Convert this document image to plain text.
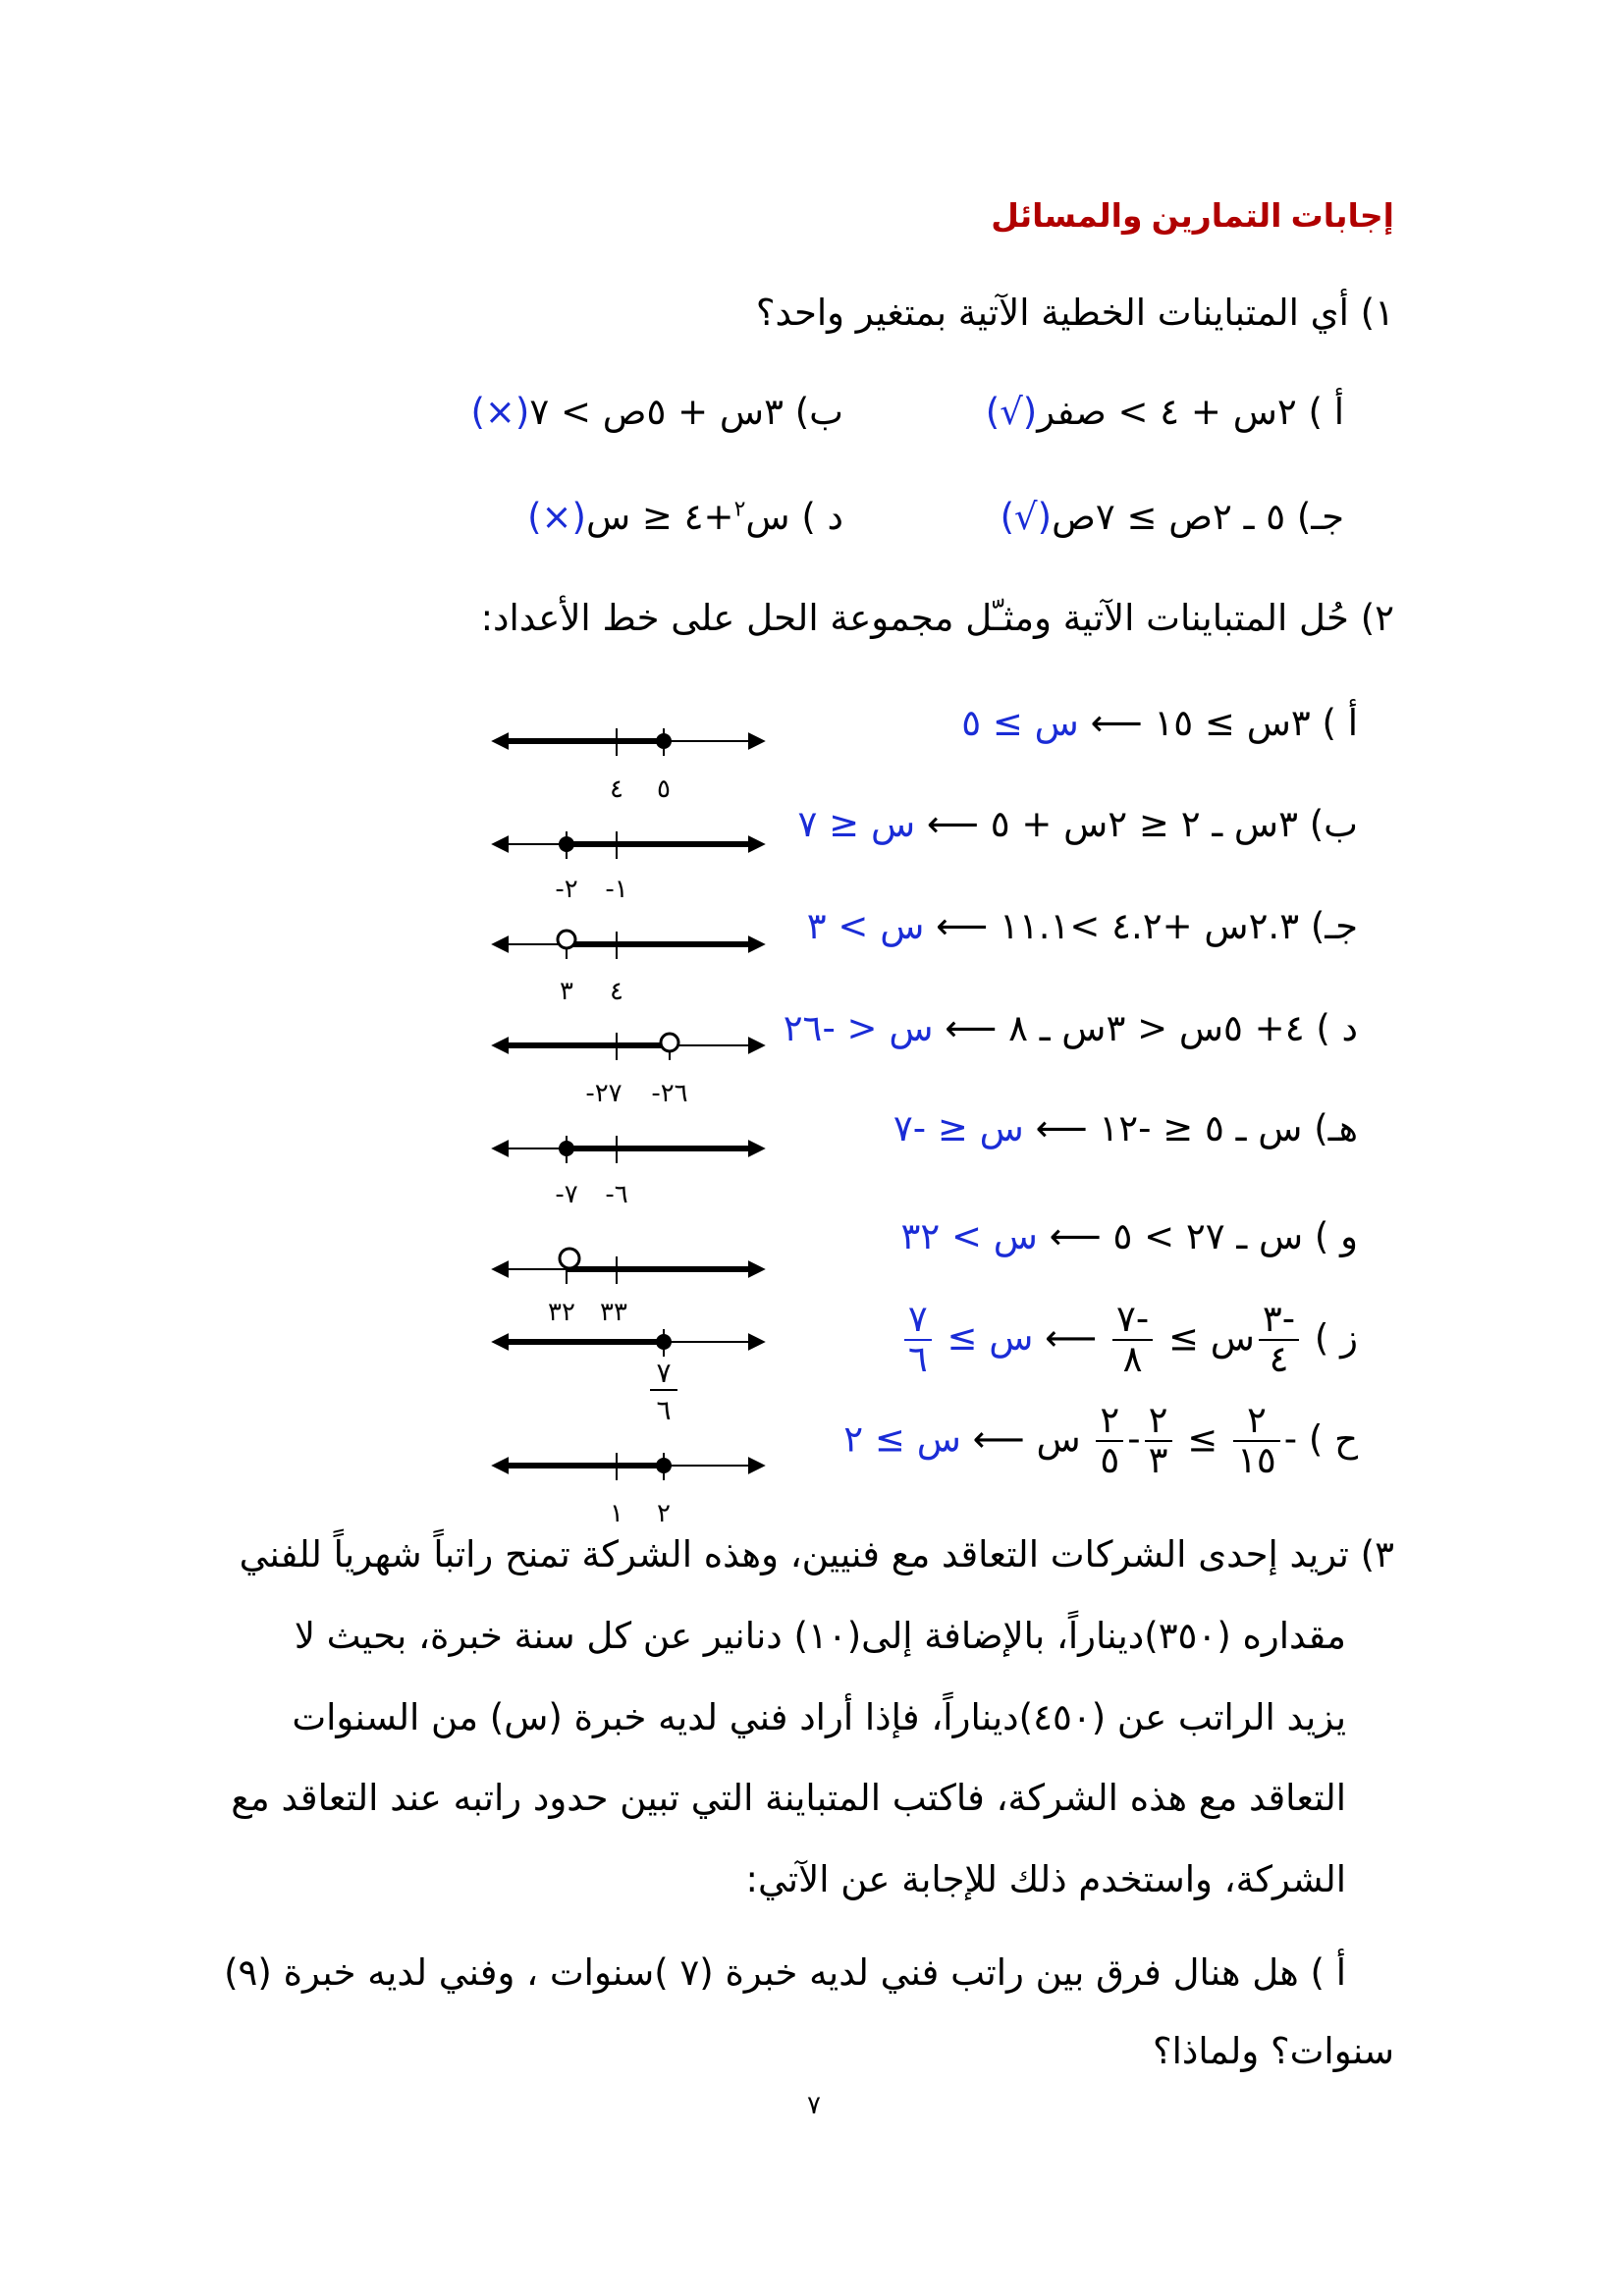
إجابات التمارين والمسائل
١) أي المتباينات الخطية الآتية بمتغير واحد؟
أ ) ٢س + ٤ > صفر(√)
ب) ٣س + ٥ص > ٧(×)
جـ) ٥ ـ ٢ص ≥ ٧ص(√)
د ) س$^٢$+٤ ≤ س(×)
٢) حُل المتباينات الآتية ومثـّل مجموعة الحل على خط الأعداد:
أ ) ٣س ≥ ١٥ ⟵ س ≥ ٥
ب) ٣س ـ ٢ ≤ ٢س + ٥ ⟵ س ≤ ٧
جـ) ٢.٣س +٤.٢ >١١.١ ⟵ س > ٣
د ) ٤+ ٥س < ٣س ـ ٨ ⟵ س < -٢٦
هـ) س ـ ٥ ≤ -١٢ ⟵ س ≤ -٧
و ) س ـ ٢٧ > ٥ ⟵ س > ٣٢
ز )
$\frac{-٣}{٤}$
س ≥
$\frac{-٧}{٨}$
⟵ س ≥
$\frac{٧}{٦}$
ح ) -
$\frac{٢}{١٥}$
≥
$\frac{٢}{٣}$
-
$\frac{٢}{٥}$
س ⟵ س ≥ ٢
٤ ٥
-٢ -١
٣ ٤
-٢٧ -٢٦
-٧ -٦
٣٢ ٣٣
٧
٦
١ ٢
٣) تريد إحدى الشركات التعاقد مع فنيين، وهذه الشركة تمنح راتباً شهرياً للفني
مقداره (٣٥٠)ديناراً، بالإضافة إلى(١٠) دنانير عن كل سنة خبرة، بحيث لا
يزيد الراتب عن (٤٥٠)ديناراً، فإذا أراد فني لديه خبرة (س) من السنوات
التعاقد مع هذه الشركة، فاكتب المتباينة التي تبين حدود راتبه عند التعاقد مع
الشركة، واستخدم ذلك للإجابة عن الآتي:
أ ) هل هنال فرق بين راتب فني لديه خبرة (٧ )سنوات ، وفني لديه خبرة (٩)
سنوات؟ ولماذا؟
٧
